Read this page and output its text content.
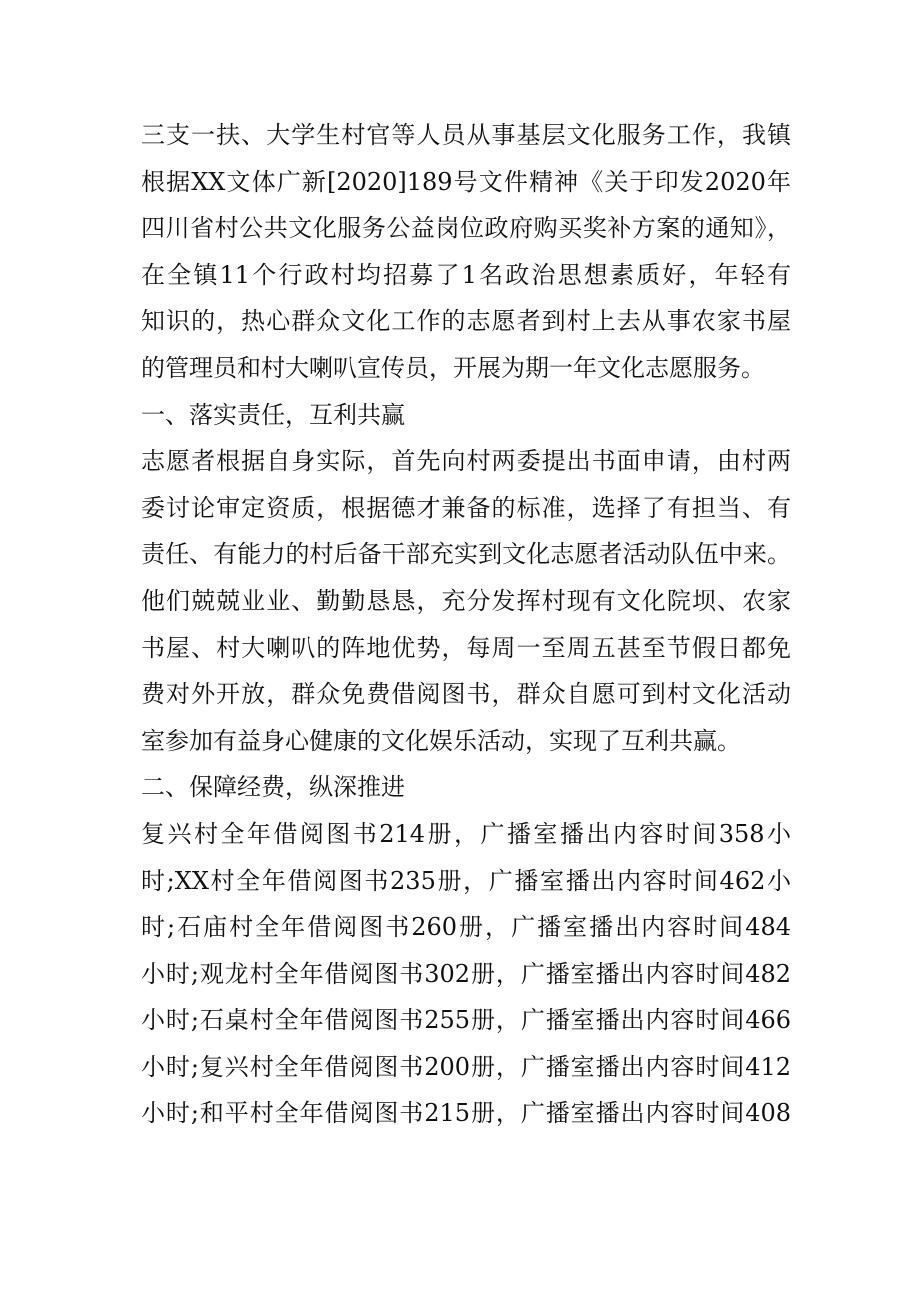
三支一扶、大学生村官等人员从事基层文化服务工作，我镇
根据XX文体广新[2020]189号文件精神《关于印发2020年
四川省村公共文化服务公益岗位政府购买奖补方案的通知》，
在全镇11个行政村均招募了1名政治思想素质好，年轻有
知识的，热心群众文化工作的志愿者到村上去从事农家书屋
的管理员和村大喇叭宣传员，开展为期一年文化志愿服务。
一、落实责任，互利共赢
志愿者根据自身实际，首先向村两委提出书面申请，由村两
委讨论审定资质，根据德才兼备的标准，选择了有担当、有
责任、有能力的村后备干部充实到文化志愿者活动队伍中来。
他们兢兢业业、勤勤恳恳，充分发挥村现有文化院坝、农家
书屋、村大喇叭的阵地优势，每周一至周五甚至节假日都免
费对外开放，群众免费借阅图书，群众自愿可到村文化活动
室参加有益身心健康的文化娱乐活动，实现了互利共赢。
二、保障经费，纵深推进
复兴村全年借阅图书214册，广播室播出内容时间358小
时;XX村全年借阅图书235册，广播室播出内容时间462小
时;石庙村全年借阅图书260册，广播室播出内容时间484
小时;观龙村全年借阅图书302册，广播室播出内容时间482
小时;石桌村全年借阅图书255册，广播室播出内容时间466
小时;复兴村全年借阅图书200册，广播室播出内容时间412
小时;和平村全年借阅图书215册，广播室播出内容时间408
